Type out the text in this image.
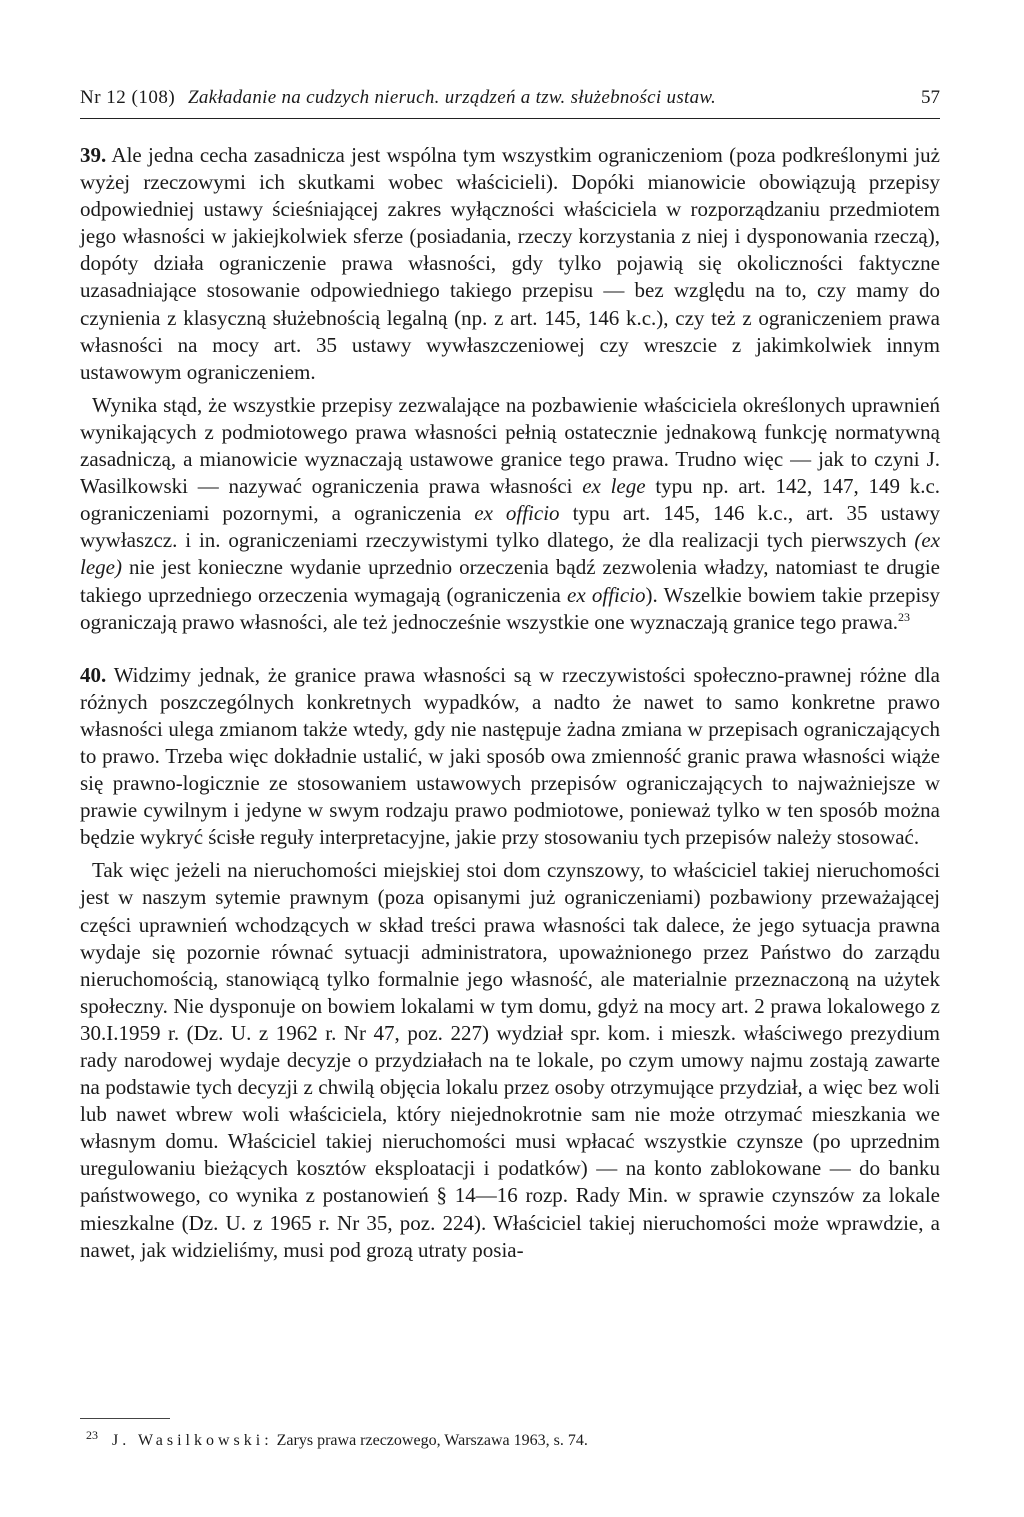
Nr 12 (108) Zakładanie na cudzych nieruch. urządzeń a tzw. służebności ustaw.	57

39. Ale jedna cecha zasadnicza jest wspólna tym wszystkim ograniczeniom (poza podkreślonymi już wyżej rzeczowymi ich skutkami wobec właścicieli). Dopóki mianowicie obowiązują przepisy odpowiedniej ustawy ścieśniającej zakres wyłączności właściciela w rozporządzaniu przedmiotem jego własności w jakiejkolwiek sferze (posiadania, rzeczy korzystania z niej i dysponowania rzeczą), dopóty działa ograniczenie prawa własności, gdy tylko pojawią się okoliczności faktyczne uzasadniające stosowanie odpowiedniego takiego przepisu — bez względu na to, czy mamy do czynienia z klasyczną służebnością legalną (np. z art. 145, 146 k.c.), czy też z ograniczeniem prawa własności na mocy art. 35 ustawy wywłaszczeniowej czy wreszcie z jakimkolwiek innym ustawowym ograniczeniem.

Wynika stąd, że wszystkie przepisy zezwalające na pozbawienie właściciela określonych uprawnień wynikających z podmiotowego prawa własności pełnią ostatecznie jednakową funkcję normatywną zasadniczą, a mianowicie wyznaczają ustawowe granice tego prawa. Trudno więc — jak to czyni J. Wasilkowski — nazywać ograniczenia prawa własności ex lege typu np. art. 142, 147, 149 k.c. ograniczeniami pozornymi, a ograniczenia ex officio typu art. 145, 146 k.c., art. 35 ustawy wywłaszcz. i in. ograniczeniami rzeczywistymi tylko dlatego, że dla realizacji tych pierwszych (ex lege) nie jest konieczne wydanie uprzednio orzeczenia bądź zezwolenia władzy, natomiast te drugie takiego uprzedniego orzeczenia wymagają (ograniczenia ex officio). Wszelkie bowiem takie przepisy ograniczają prawo własności, ale też jednocześnie wszystkie one wyznaczają granice tego prawa.$^{23}$

40. Widzimy jednak, że granice prawa własności są w rzeczywistości społeczno-prawnej różne dla różnych poszczególnych konkretnych wypadków, a nadto że nawet to samo konkretne prawo własności ulega zmianom także wtedy, gdy nie następuje żadna zmiana w przepisach ograniczających to prawo. Trzeba więc dokładnie ustalić, w jaki sposób owa zmienność granic prawa własności wiąże się prawno-logicznie ze stosowaniem ustawowych przepisów ograniczających to najważniejsze w prawie cywilnym i jedyne w swym rodzaju prawo podmiotowe, ponieważ tylko w ten sposób można będzie wykryć ścisłe reguły interpretacyjne, jakie przy stosowaniu tych przepisów należy stosować.

Tak więc jeżeli na nieruchomości miejskiej stoi dom czynszowy, to właściciel takiej nieruchomości jest w naszym sytemie prawnym (poza opisanymi już ograniczeniami) pozbawiony przeważającej części uprawnień wchodzących w skład treści prawa własności tak dalece, że jego sytuacja prawna wydaje się pozornie równać sytuacji administratora, upoważnionego przez Państwo do zarządu nieruchomością, stanowiącą tylko formalnie jego własność, ale materialnie przeznaczoną na użytek społeczny. Nie dysponuje on bowiem lokalami w tym domu, gdyż na mocy art. 2 prawa lokalowego z 30.I.1959 r. (Dz. U. z 1962 r. Nr 47, poz. 227) wydział spr. kom. i mieszk. właściwego prezydium rady narodowej wydaje decyzje o przydziałach na te lokale, po czym umowy najmu zostają zawarte na podstawie tych decyzji z chwilą objęcia lokalu przez osoby otrzymujące przydział, a więc bez woli lub nawet wbrew woli właściciela, który niejednokrotnie sam nie może otrzymać mieszkania we własnym domu. Właściciel takiej nieruchomości musi wpłacać wszystkie czynsze (po uprzednim uregulowaniu bieżących kosztów eksploatacji i podatków) — na konto zablokowane — do banku państwowego, co wynika z postanowień § 14—16 rozp. Rady Min. w sprawie czynszów za lokale mieszkalne (Dz. U. z 1965 r. Nr 35, poz. 224). Właściciel takiej nieruchomości może wprawdzie, a nawet, jak widzieliśmy, musi pod grozą utraty posia-

$^{23}$ J. Wasilkowski: Zarys prawa rzeczowego, Warszawa 1963, s. 74.
